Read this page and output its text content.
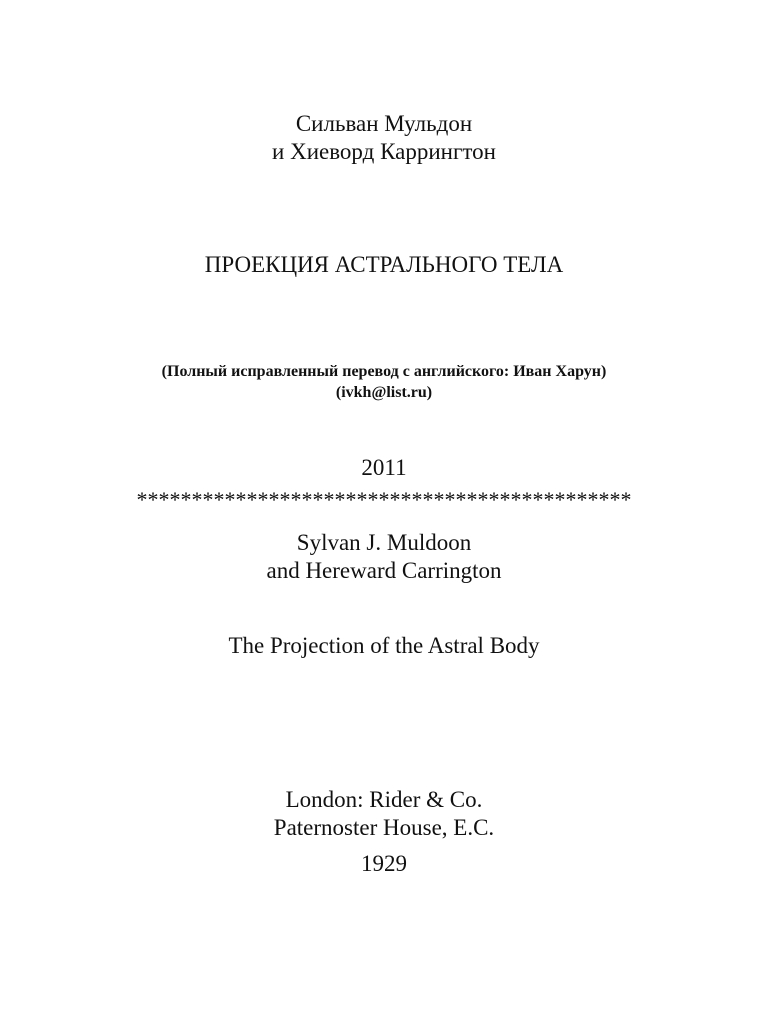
Сильван Мульдон
и Хиеворд Каррингтон
ПРОЕКЦИЯ АСТРАЛЬНОГО ТЕЛА
(Полный исправленный перевод с английского: Иван Харун)
(ivkh@list.ru)
2011
*********************************************
Sylvan J. Muldoon
and Hereward Carrington
The Projection of the Astral Body
London: Rider & Co.
Paternoster House, E.C.
1929
